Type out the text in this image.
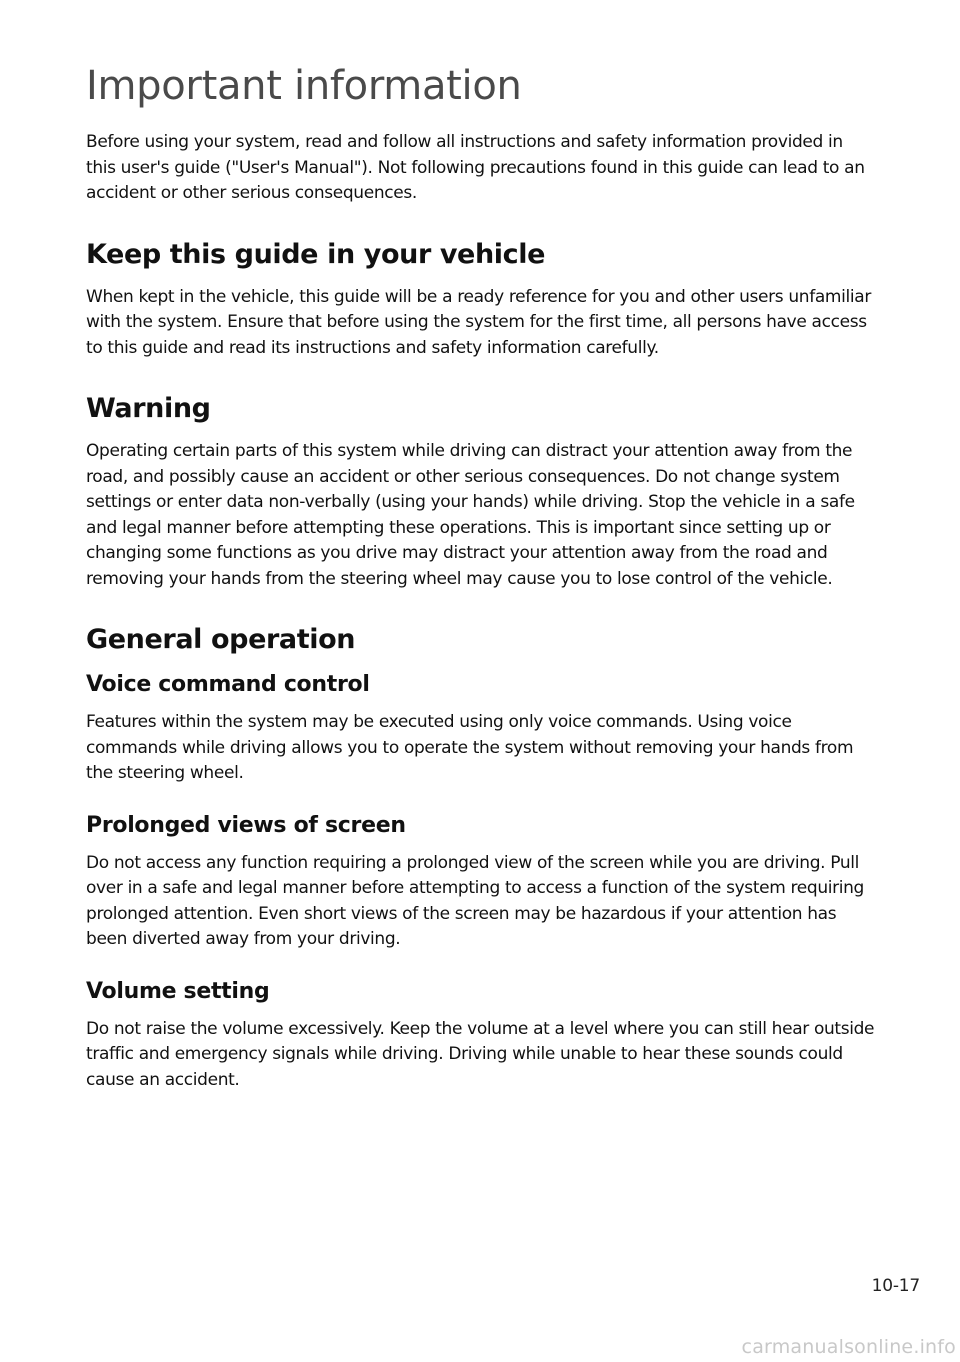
Important information

Before using your system, read and follow all instructions and safety information provided in this user's guide ("User's Manual"). Not following precautions found in this guide can lead to an accident or other serious consequences.

Keep this guide in your vehicle

When kept in the vehicle, this guide will be a ready reference for you and other users unfamiliar with the system. Ensure that before using the system for the first time, all persons have access to this guide and read its instructions and safety information carefully.

Warning

Operating certain parts of this system while driving can distract your attention away from the road, and possibly cause an accident or other serious consequences. Do not change system settings or enter data non-verbally (using your hands) while driving. Stop the vehicle in a safe and legal manner before attempting these operations. This is important since setting up or changing some functions as you drive may distract your attention away from the road and removing your hands from the steering wheel may cause you to lose control of the vehicle.

General operation
Voice command control

Features within the system may be executed using only voice commands. Using voice commands while driving allows you to operate the system without removing your hands from the steering wheel.

Prolonged views of screen

Do not access any function requiring a prolonged view of the screen while you are driving. Pull over in a safe and legal manner before attempting to access a function of the system requiring prolonged attention. Even short views of the screen may be hazardous if your attention has been diverted away from your driving.

Volume setting

Do not raise the volume excessively. Keep the volume at a level where you can still hear outside traffic and emergency signals while driving. Driving while unable to hear these sounds could cause an accident.

10-17
carmanualsonline.info
